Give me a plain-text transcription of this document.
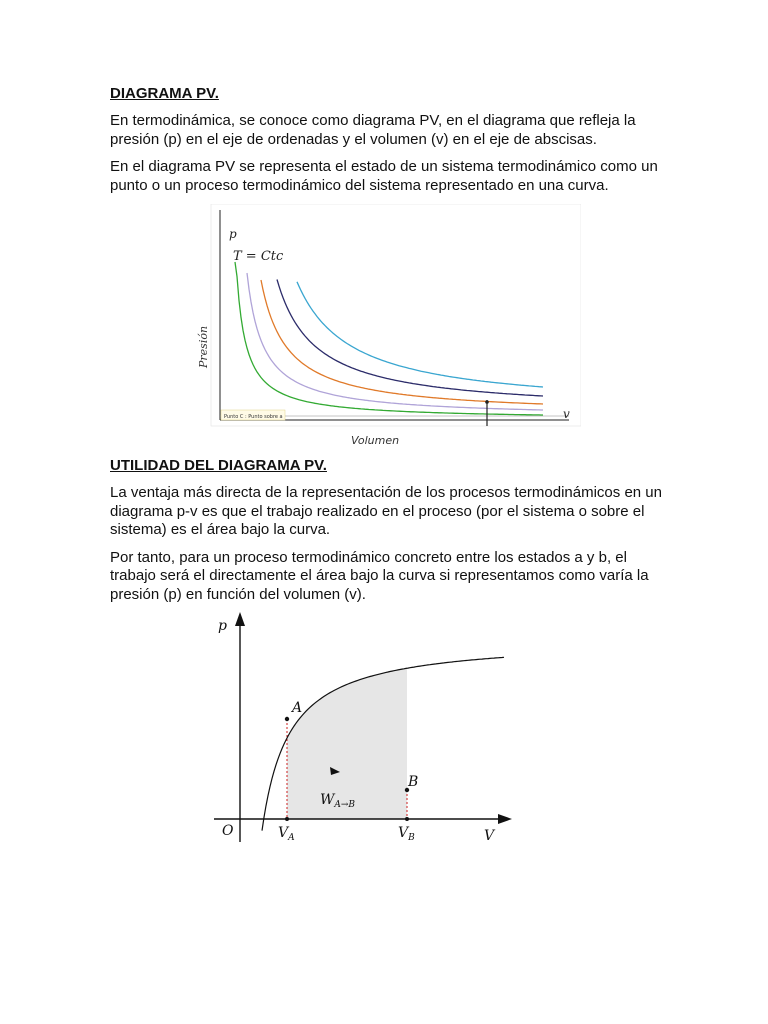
DIAGRAMA PV.

En termodinámica, se conoce como diagrama PV, en el diagrama que refleja la presión (p) en el eje de ordenadas y el volumen (v) en el eje de abscisas.

En el diagrama PV se representa el estado de un sistema termodinámico como un punto o un proceso termodinámico del sistema representado en una curva.

Punto C : Punto sobre a
p
T = Ctc
v
Presión
Volumen
UTILIDAD DEL DIAGRAMA PV.

La ventaja más directa de la representación de los procesos termodinámicos en un diagrama p-v es que el trabajo realizado en el proceso (por el sistema o sobre el sistema) es el área bajo la curva.

Por tanto, para un proceso termodinámico concreto entre los estados a y b, el trabajo será el directamente el área bajo la curva si representamos como varía la presión (p) en función del volumen (v).

p
A
B
$W_{A\to B}$
O	$V_A$	$V_B$	V
